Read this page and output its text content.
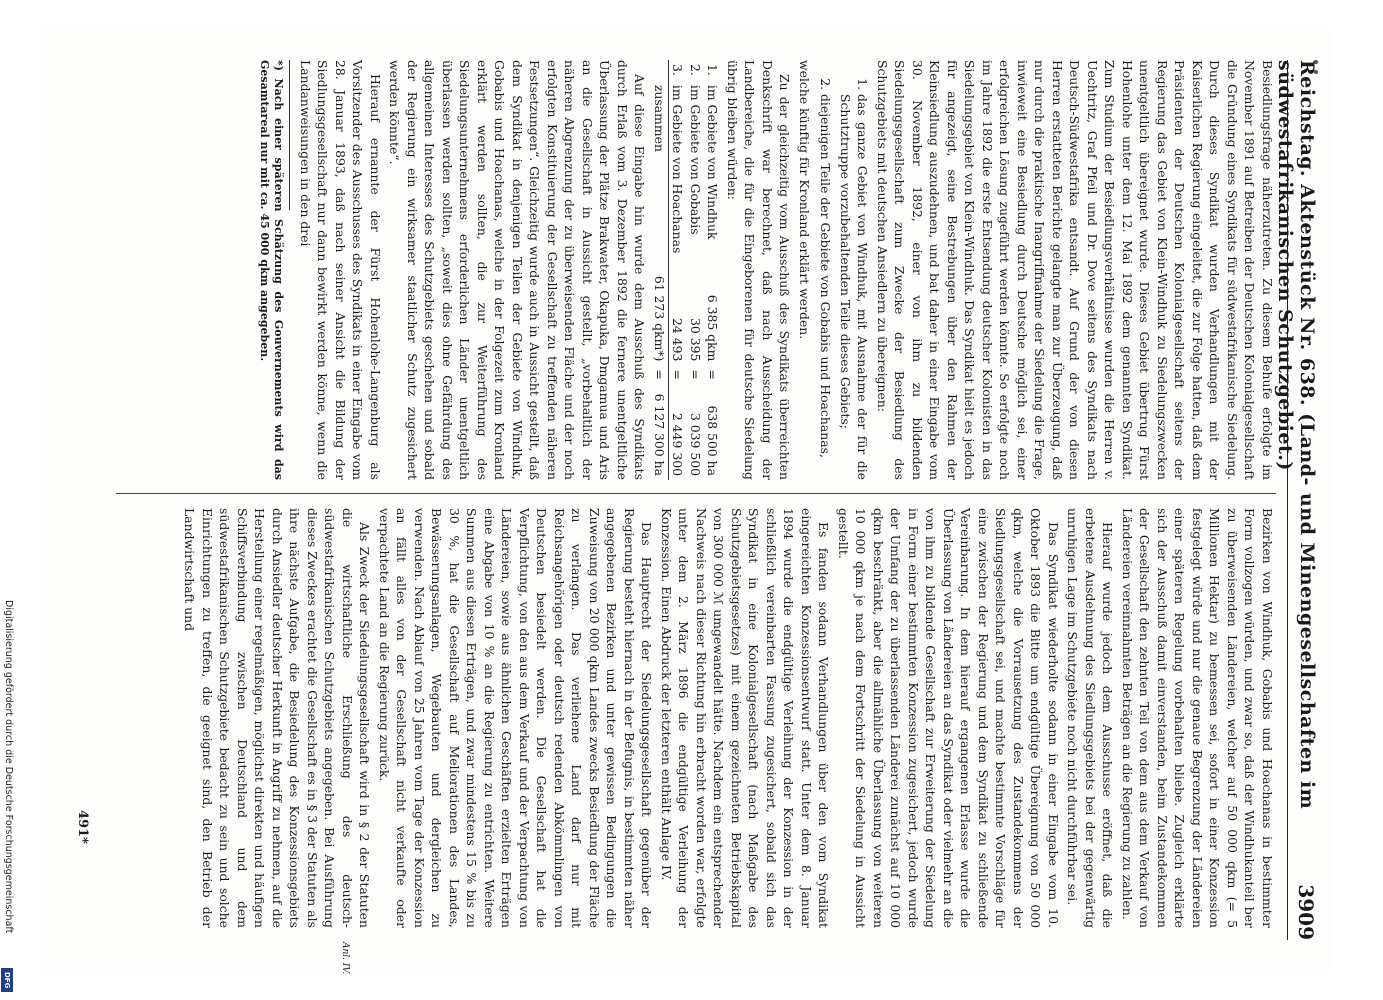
Reichstag. Aktenstück Nr. 638. (Land- und Minengesellschaften im südwestafrikanischen Schutzgebiet.)
3909

Besiedlungsfrage näherzutreten. Zu diesem Behufe erfolgte im November 1891 auf Betreiben der Deutschen Kolonialgesellschaft die Gründung eines Syndikats für südwestafrikanische Siedelung. Durch dieses Syndikat wurden Verhandlungen mit der Kaiserlichen Regierung eingeleitet, die zur Folge hatten, daß dem Präsidenten der Deutschen Kolonialgesellschaft seitens der Regierung das Gebiet von Klein-Windhuk zu Siedelungszwecken unentgeltlich übereignet wurde. Dieses Gebiet übertrug Fürst Hohenlohe unter dem 12. Mai 1892 dem genannten Syndikat. Zum Studium der Besiedlungsverhältnisse wurden die Herren v. Uechtritz, Graf Pfeil und Dr. Dove seitens des Syndikats nach Deutsch-Südwestafrika entsandt. Auf Grund der von diesen Herren erstatteten Berichte gelangte man zur Überzeugung, daß nur durch die praktische Inangriffnahme der Siedelung die Frage, inwieweit eine Besiedlung durch Deutsche möglich sei, einer erfolgreichen Lösung zugeführt werden könnte. So erfolgte noch im Jahre 1892 die erste Entsendung deutscher Kolonisten in das Siedelungsgebiet von Klein-Windhuk. Das Syndikat hielt es jedoch für angezeigt, seine Bestrebungen über den Rahmen der Kleinsiedlung auszudehnen, und bat daher in einer Eingabe vom 30. November 1892, einer von ihm zu bildenden Siedelungsgesellschaft zum Zwecke der Besiedlung des Schutzgebiets mit deutschen Ansiedlern zu übereignen:

1. das ganze Gebiet von Windhuk, mit Ausnahme der für die Schutztruppe vorzubehaltenden Teile dieses Gebiets;
2. diejenigen Teile der Gebiete von Gobabis und Hoachanas,

welche künftig für Kronland erklärt werden.

Zu der gleichzeitig vom Ausschuß des Syndikats überreichten Denkschrift war berechnet, daß nach Ausscheidung der Landbereiche, die für die Eingeborenen für deutsche Siedelung übrig bleiben würden:

1.	im Gebiete von Windhuk	6 385 qkm	=	638 500 ha
2.	im Gebiete von Gobabis	30 395	=	3 039 500
3.	im Gebiete von Hoachanas	24 493	=	2 449 300
	zusammen	61 273 qkm*)	=	6 127 300 ha

Auf diese Eingabe hin wurde dem Ausschuß des Syndikats durch Erlaß vom 3. Dezember 1892 die fernere unentgeltliche Überlassung der Plätze Brakwater, Okapuka, Dmgamua und Aris an die Gesellschaft in Aussicht gestellt, „vorbehaltlich der näheren Abgrenzung der zu überweisenden Fläche und der noch erfolgten Konstituierung der Gesellschaft zu treffenden näheren Festsetzungen“. Gleichzeitig wurde auch in Aussicht gestellt, daß dem Syndikat in denjenigen Teilen der Gebiete von Windhuk, Gobabis und Hoachanas, welche in der Folgezeit zum Kronland erklärt werden sollten, die zur Weiterführung des Siedelungsunternehmens erforderlichen Länder unentgeltlich überlassen werden sollten, „soweit dies ohne Gefährdung des allgemeinen Interesses des Schutzgebiets geschehen und sobald der Regierung ein wirksamer staatlicher Schutz zugesichert werden könnte“.

Hierauf ernannte der Fürst Hohenlohe-Langenburg als Vorsitzender des Ausschusses des Syndikats in einer Eingabe vom 28. Januar 1893, daß nach seiner Ansicht die Bildung der Siedlungsgesellschaft nur dann bewirkt werden könne, wenn die Landanweisungen in den drei

*) Nach einer späteren Schätzung des Gouvernements wird das Gesamtareal nur mit ca. 45 000 qkm angegeben.

Bezirken von Windhuk, Gobabis und Hoachanas in bestimmter Form vollzogen würden, und zwar so, daß der Windhukanteil ber zu überweisenden Ländereien, welcher auf 50 000 qkm (= 5 Millionen Hektar) zu bemessen sei, sofort in einer Konzession festgelegt würde und nur die genaue Begrenzung der Ländereien einer späteren Regelung vorbehalten bliebe. Zugleich erklärte sich der Ausschuß damit einverstanden, beim Zustandekommen der Gesellschaft den zehnten Teil von dem aus dem Verkauf von Ländereien vereinnahmten Beträgen an die Regierung zu zahlen.

Hierauf wurde jedoch dem Ausschusse eröffnet, daß die erbetene Ausdehnung des Siedlungsgebiets bei der gegenwärtig unruhigen Lage im Schutzgebiete noch nicht durchführbar sei.

Das Syndikat wiederholte sodann in einer Eingabe vom 10. Oktober 1893 die Bitte um endgültige Übereignung von 50 000 qkm, welche die Vorrausetzung des Zustandekommens der Siedlungsgesellschaft sei, und machte bestimmte Vorschläge für eine zwischen der Regierung und dem Syndikat zu schließende Vereinbarung. In dem hierauf ergangenen Erlasse wurde die Überlassung von Ländereien an das Syndikat oder vielmehr an die von ihm zu bildende Gesellschaft zur Erweiterung der Siedelung in Form einer bestimmten Konzession zugesichert, jedoch wurde der Umfang der zu überlassenden Länderei zunächst auf 10 000 qkm beschränkt, aber die allmähliche Überlassung von weiteren 10 000 qkm je nach dem Fortschritt der Siedelung in Aussicht gestellt.

Es fanden sodann Verhandlungen über den vom Syndikat eingereichten Konzessionsentwurf statt. Unter dem 8. Januar 1894 wurde die endgültige Verleihung der Konzession in der schließlich vereinbarten Fassung zugesichert, sobald sich das Syndikat in eine Kolonialgesellschaft (nach Maßgabe des Schutzgebietsgesetzes) mit einem gezeichneten Betriebskapital von 300 000 ℳ umgewandelt hätte. Nachdem ein entsprechender Nachweis nach dieser Richtung hin erbracht worden war, erfolgte unter dem 2. März 1896 die endgültige Verleihung der Konzession. Einen Abdruck der letzteren enthält Anlage IV.

Das Hauptrecht der Siedelungsgesellschaft gegenüber der Regierung besteht hiernach in der Befugnis, in bestimmten näher angegebenen Bezirken und unter gewissen Bedingungen die Zuweisung von 20 000 qkm Landes zwecks Besiedlung der Fläche zu verlangen. Das verliehene Land darf nur mit Reichsangehörigen oder deutsch redenden Abkömmlingen von Deutschen besiedelt werden. Die Gesellschaft hat die Verpflichtung, von den aus dem Verkauf und der Verpachtung von Ländereien, sowie aus ähnlichen Geschäften erzielten Erträgen eine Abgabe von 10 % an die Regierung zu entrichten. Weitere Summen aus diesen Erträgen, und zwar mindestens 15 % bis zu 30 %, hat die Gesellschaft auf Meliorationen des Landes, Bewässerungsanlagen, Wegebauten und dergleichen zu verwenden. Nach Ablauf von 25 Jahren vom Tage der Konzession an fällt alles von der Gesellschaft nicht verkaufte oder verpachtete Land an die Regierung zurück.

Als Zweck der Siedelungsgesellschaft wird in § 2 der Statuten die wirtschaftliche Erschließung des deutsch-südwestafrikanischen Schutzgebiets angegeben. Bei Ausführung dieses Zweckes erachtet die Gesellschaft es in § 3 der Statuten als ihre nächste Aufgabe, die Besiedelung des Konzessionsgebiets durch Ansiedler deutscher Herkunft in Angriff zu nehmen, auf die Herstellung einer regelmäßigen, möglichst direkten und häufigen Schiffsverbindung zwischen Deutschland und dem südwestafrikanischen Schutzgebiete bedacht zu sein und solche Einrichtungen zu treffen, die geeignet sind, den Betrieb der Landwirtschaft und

Anl. IV.
491*
Digitalisierung gefördert durch die Deutsche Forschungsgemeinschaft
DFG
